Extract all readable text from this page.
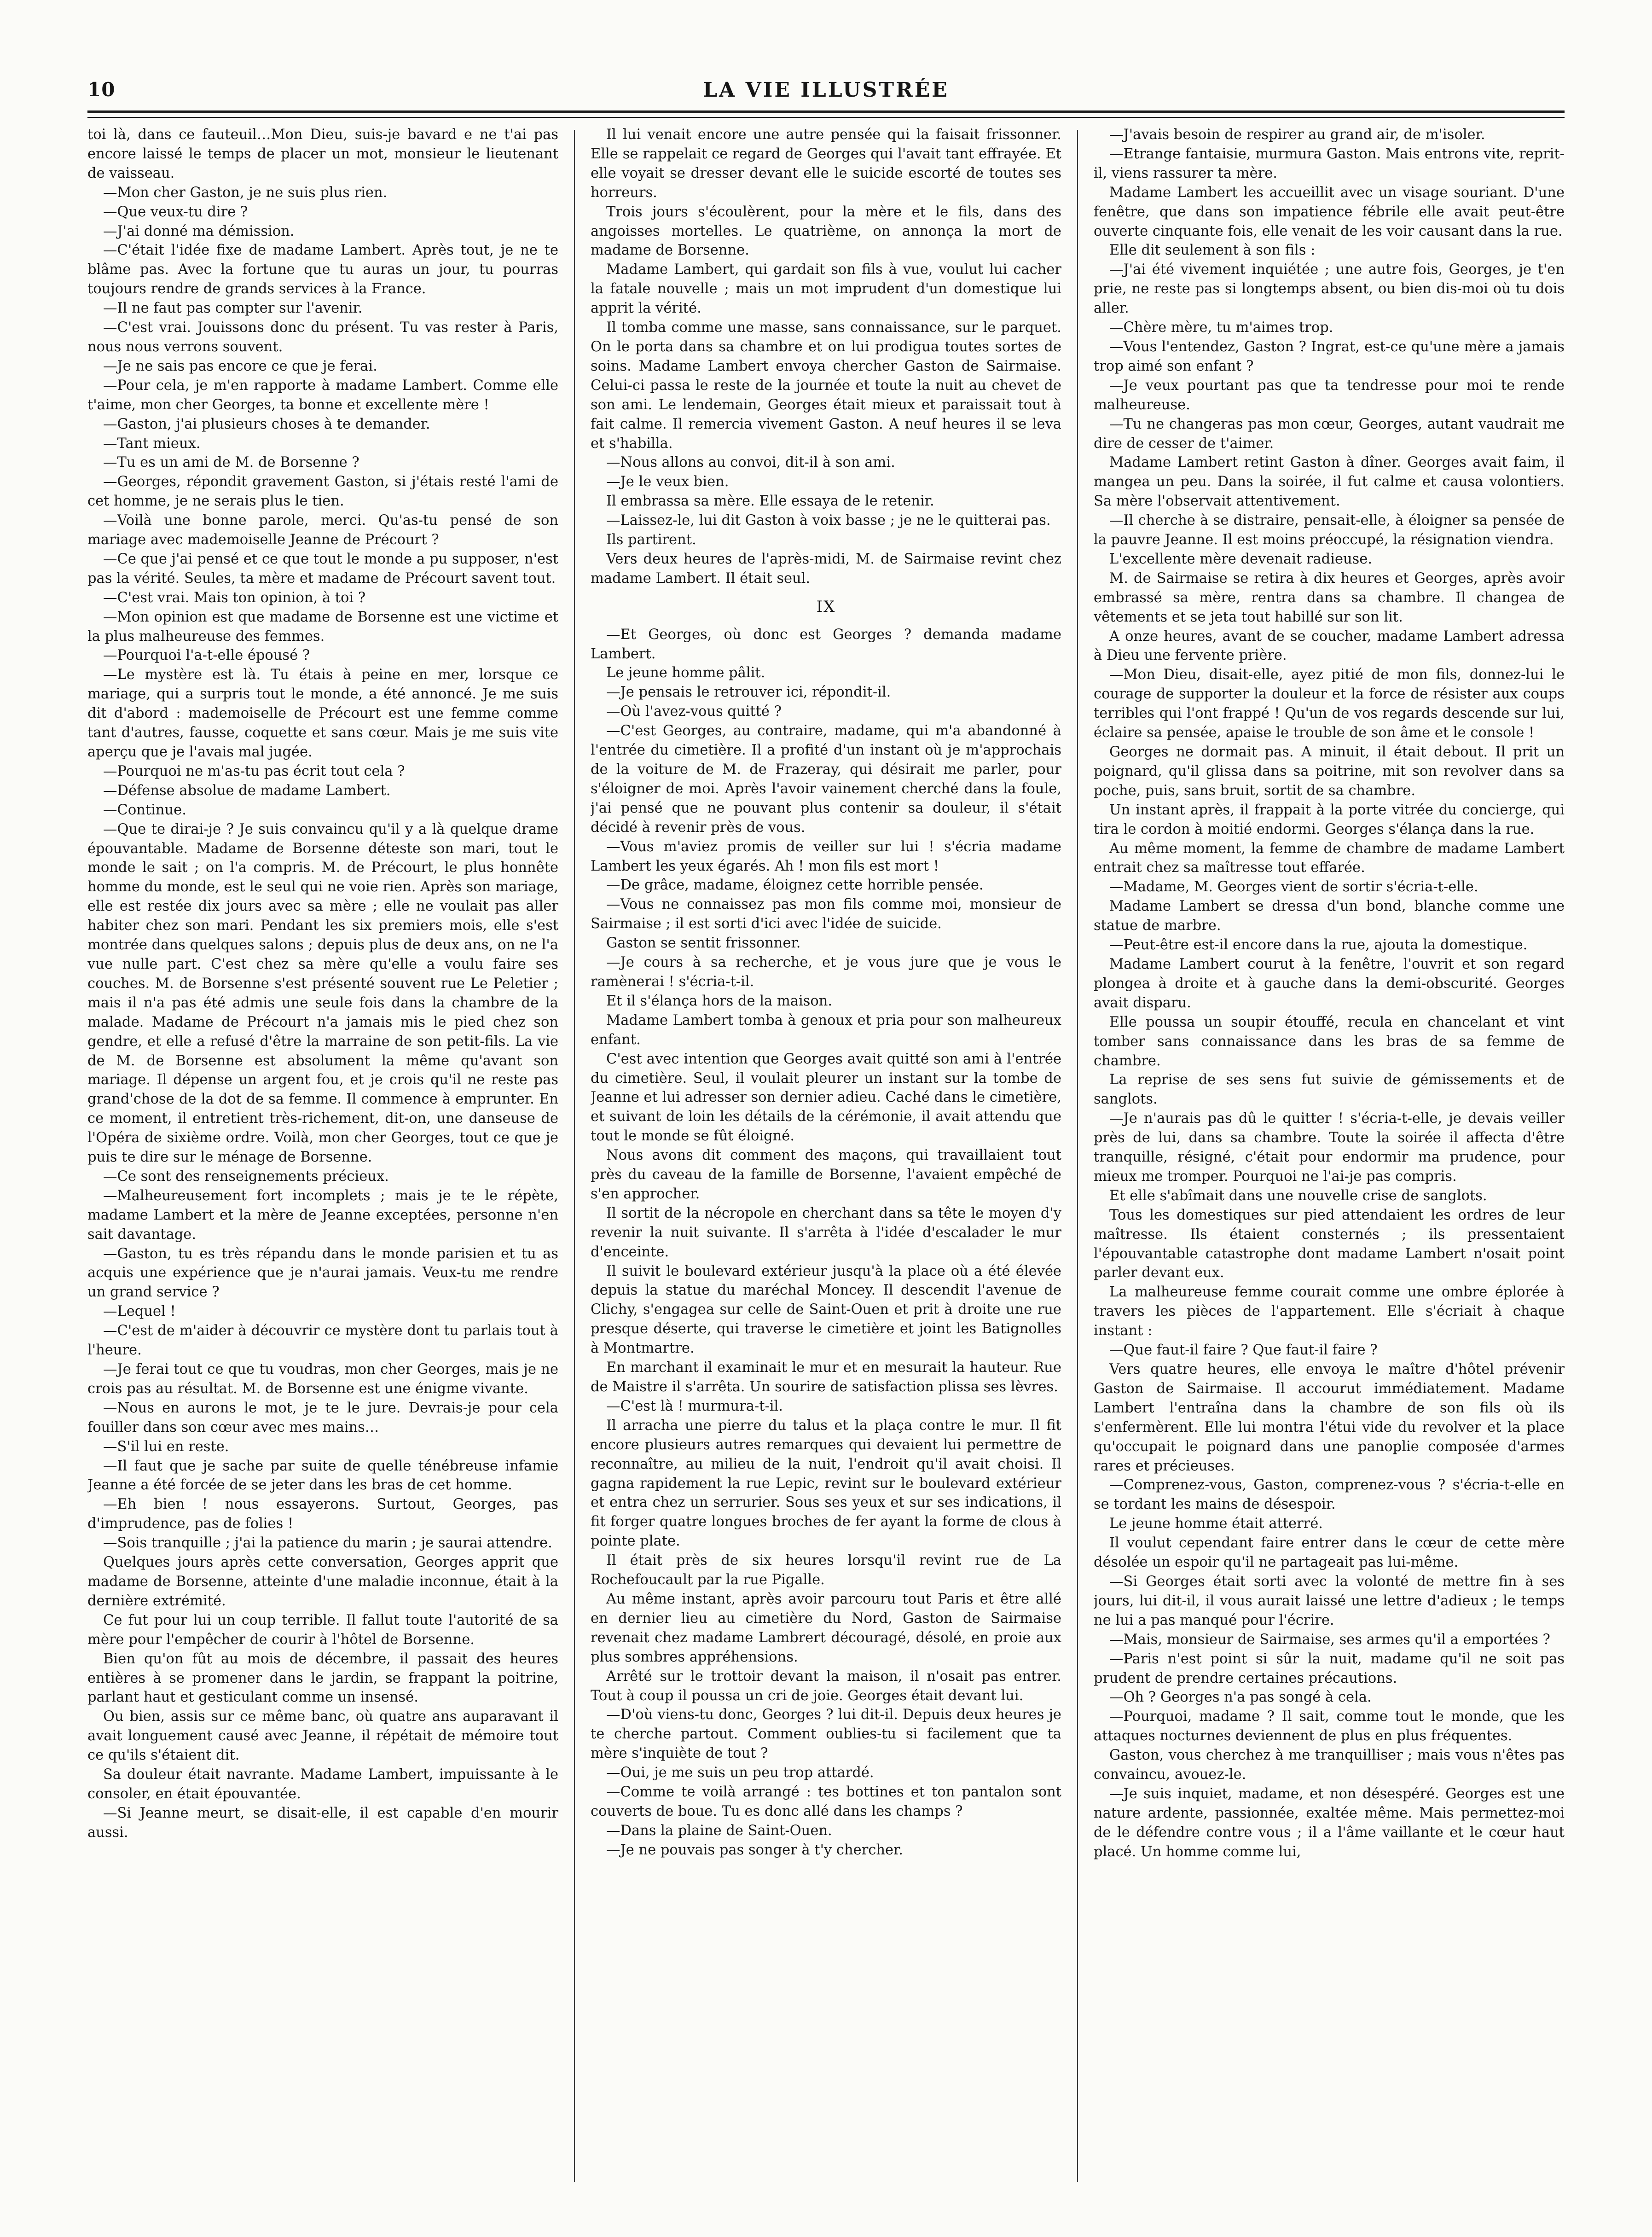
10	LA VIE ILLUSTRÉE

toi là, dans ce fauteuil…Mon Dieu, suis-je bavard e ne t'ai pas encore laissé le temps de placer un mot, monsieur le lieutenant de vaisseau.

—Mon cher Gaston, je ne suis plus rien.

—Que veux-tu dire ?

—J'ai donné ma démission.

—C'était l'idée fixe de madame Lambert. Après tout, je ne te blâme pas. Avec la fortune que tu auras un jour, tu pourras toujours rendre de grands services à la France.

—Il ne faut pas compter sur l'avenir.

—C'est vrai. Jouissons donc du présent. Tu vas rester à Paris, nous nous verrons souvent.

—Je ne sais pas encore ce que je ferai.

—Pour cela, je m'en rapporte à madame Lambert. Comme elle t'aime, mon cher Georges, ta bonne et excellente mère !

—Gaston, j'ai plusieurs choses à te demander.

—Tant mieux.

—Tu es un ami de M. de Borsenne ?

—Georges, répondit gravement Gaston, si j'étais resté l'ami de cet homme, je ne serais plus le tien.

—Voilà une bonne parole, merci. Qu'as-tu pensé de son mariage avec mademoiselle Jeanne de Précourt ?

—Ce que j'ai pensé et ce que tout le monde a pu supposer, n'est pas la vérité. Seules, ta mère et madame de Précourt savent tout.

—C'est vrai. Mais ton opinion, à toi ?

—Mon opinion est que madame de Borsenne est une victime et la plus malheureuse des femmes.

—Pourquoi l'a-t-elle épousé ?

—Le mystère est là. Tu étais à peine en mer, lorsque ce mariage, qui a surpris tout le monde, a été annoncé. Je me suis dit d'abord : mademoiselle de Précourt est une femme comme tant d'autres, fausse, coquette et sans cœur. Mais je me suis vite aperçu que je l'avais mal jugée.

—Pourquoi ne m'as-tu pas écrit tout cela ?

—Défense absolue de madame Lambert.

—Continue.

—Que te dirai-je ? Je suis convaincu qu'il y a là quelque drame épouvantable. Madame de Borsenne déteste son mari, tout le monde le sait ; on l'a compris. M. de Précourt, le plus honnête homme du monde, est le seul qui ne voie rien. Après son mariage, elle est restée dix jours avec sa mère ; elle ne voulait pas aller habiter chez son mari. Pendant les six premiers mois, elle s'est montrée dans quelques salons ; depuis plus de deux ans, on ne l'a vue nulle part. C'est chez sa mère qu'elle a voulu faire ses couches. M. de Borsenne s'est présenté souvent rue Le Peletier ; mais il n'a pas été admis une seule fois dans la chambre de la malade. Madame de Précourt n'a jamais mis le pied chez son gendre, et elle a refusé d'être la marraine de son petit-fils. La vie de M. de Borsenne est absolument la même qu'avant son mariage. Il dépense un argent fou, et je crois qu'il ne reste pas grand'chose de la dot de sa femme. Il commence à emprunter. En ce moment, il entretient très-richement, dit-on, une danseuse de l'Opéra de sixième ordre. Voilà, mon cher Georges, tout ce que je puis te dire sur le ménage de Borsenne.

—Ce sont des renseignements précieux.

—Malheureusement fort incomplets ; mais je te le répète, madame Lambert et la mère de Jeanne exceptées, personne n'en sait davantage.

—Gaston, tu es très répandu dans le monde parisien et tu as acquis une expérience que je n'aurai jamais. Veux-tu me rendre un grand service ?

—Lequel !

—C'est de m'aider à découvrir ce mystère dont tu parlais tout à l'heure.

—Je ferai tout ce que tu voudras, mon cher Georges, mais je ne crois pas au résultat. M. de Borsenne est une énigme vivante.

—Nous en aurons le mot, je te le jure. Devrais-je pour cela fouiller dans son cœur avec mes mains…

—S'il lui en reste.

—Il faut que je sache par suite de quelle ténébreuse infamie Jeanne a été forcée de se jeter dans les bras de cet homme.

—Eh bien ! nous essayerons. Surtout, Georges, pas d'imprudence, pas de folies !

—Sois tranquille ; j'ai la patience du marin ; je saurai attendre.

Quelques jours après cette conversation, Georges apprit que madame de Borsenne, atteinte d'une maladie inconnue, était à la dernière extrémité.

Ce fut pour lui un coup terrible. Il fallut toute l'autorité de sa mère pour l'empêcher de courir à l'hôtel de Borsenne.

Bien qu'on fût au mois de décembre, il passait des heures entières à se promener dans le jardin, se frappant la poitrine, parlant haut et gesticulant comme un insensé.

Ou bien, assis sur ce même banc, où quatre ans auparavant il avait longuement causé avec Jeanne, il répétait de mémoire tout ce qu'ils s'étaient dit.

Sa douleur était navrante. Madame Lambert, impuissante à le consoler, en était épouvantée.

—Si Jeanne meurt, se disait-elle, il est capable d'en mourir aussi.

Il lui venait encore une autre pensée qui la faisait frissonner. Elle se rappelait ce regard de Georges qui l'avait tant effrayée. Et elle voyait se dresser devant elle le suicide escorté de toutes ses horreurs.

Trois jours s'écoulèrent, pour la mère et le fils, dans des angoisses mortelles. Le quatrième, on annonça la mort de madame de Borsenne.

Madame Lambert, qui gardait son fils à vue, voulut lui cacher la fatale nouvelle ; mais un mot imprudent d'un domestique lui apprit la vérité.

Il tomba comme une masse, sans connaissance, sur le parquet. On le porta dans sa chambre et on lui prodigua toutes sortes de soins. Madame Lambert envoya chercher Gaston de Sairmaise. Celui-ci passa le reste de la journée et toute la nuit au chevet de son ami. Le lendemain, Georges était mieux et paraissait tout à fait calme. Il remercia vivement Gaston. A neuf heures il se leva et s'habilla.

—Nous allons au convoi, dit-il à son ami.

—Je le veux bien.

Il embrassa sa mère. Elle essaya de le retenir.

—Laissez-le, lui dit Gaston à voix basse ; je ne le quitterai pas.

Ils partirent.

Vers deux heures de l'après-midi, M. de Sairmaise revint chez madame Lambert. Il était seul.

IX

—Et Georges, où donc est Georges ? demanda madame Lambert.

Le jeune homme pâlit.

—Je pensais le retrouver ici, répondit-il.

—Où l'avez-vous quitté ?

—C'est Georges, au contraire, madame, qui m'a abandonné à l'entrée du cimetière. Il a profité d'un instant où je m'approchais de la voiture de M. de Frazeray, qui désirait me parler, pour s'éloigner de moi. Après l'avoir vainement cherché dans la foule, j'ai pensé que ne pouvant plus contenir sa douleur, il s'était décidé à revenir près de vous.

—Vous m'aviez promis de veiller sur lui ! s'écria madame Lambert les yeux égarés. Ah ! mon fils est mort !

—De grâce, madame, éloignez cette horrible pensée.

—Vous ne connaissez pas mon fils comme moi, monsieur de Sairmaise ; il est sorti d'ici avec l'idée de suicide.

Gaston se sentit frissonner.

—Je cours à sa recherche, et je vous jure que je vous le ramènerai ! s'écria-t-il.

Et il s'élança hors de la maison.

Madame Lambert tomba à genoux et pria pour son malheureux enfant.

C'est avec intention que Georges avait quitté son ami à l'entrée du cimetière. Seul, il voulait pleurer un instant sur la tombe de Jeanne et lui adresser son dernier adieu. Caché dans le cimetière, et suivant de loin les détails de la cérémonie, il avait attendu que tout le monde se fût éloigné.

Nous avons dit comment des maçons, qui travaillaient tout près du caveau de la famille de Borsenne, l'avaient empêché de s'en approcher.

Il sortit de la nécropole en cherchant dans sa tête le moyen d'y revenir la nuit suivante. Il s'arrêta à l'idée d'escalader le mur d'enceinte.

Il suivit le boulevard extérieur jusqu'à la place où a été élevée depuis la statue du maréchal Moncey. Il descendit l'avenue de Clichy, s'engagea sur celle de Saint-Ouen et prit à droite une rue presque déserte, qui traverse le cimetière et joint les Batignolles à Montmartre.

En marchant il examinait le mur et en mesurait la hauteur. Rue de Maistre il s'arrêta. Un sourire de satisfaction plissa ses lèvres.

—C'est là ! murmura-t-il.

Il arracha une pierre du talus et la plaça contre le mur. Il fit encore plusieurs autres remarques qui devaient lui permettre de reconnaître, au milieu de la nuit, l'endroit qu'il avait choisi. Il gagna rapidement la rue Lepic, revint sur le boulevard extérieur et entra chez un serrurier. Sous ses yeux et sur ses indications, il fit forger quatre longues broches de fer ayant la forme de clous à pointe plate.

Il était près de six heures lorsqu'il revint rue de La Rochefoucault par la rue Pigalle.

Au même instant, après avoir parcouru tout Paris et être allé en dernier lieu au cimetière du Nord, Gaston de Sairmaise revenait chez madame Lambrert découragé, désolé, en proie aux plus sombres appréhensions.

Arrêté sur le trottoir devant la maison, il n'osait pas entrer. Tout à coup il poussa un cri de joie. Georges était devant lui.

—D'où viens-tu donc, Georges ? lui dit-il. Depuis deux heures je te cherche partout. Comment oublies-tu si facilement que ta mère s'inquiète de tout ?

—Oui, je me suis un peu trop attardé.

—Comme te voilà arrangé : tes bottines et ton pantalon sont couverts de boue. Tu es donc allé dans les champs ?

—Dans la plaine de Saint-Ouen.

—Je ne pouvais pas songer à t'y chercher.

—J'avais besoin de respirer au grand air, de m'isoler.

—Etrange fantaisie, murmura Gaston. Mais entrons vite, reprit-il, viens rassurer ta mère.

Madame Lambert les accueillit avec un visage souriant. D'une fenêtre, que dans son impatience fébrile elle avait peut-être ouverte cinquante fois, elle venait de les voir causant dans la rue.

Elle dit seulement à son fils :

—J'ai été vivement inquiétée ; une autre fois, Georges, je t'en prie, ne reste pas si longtemps absent, ou bien dis-moi où tu dois aller.

—Chère mère, tu m'aimes trop.

—Vous l'entendez, Gaston ? Ingrat, est-ce qu'une mère a jamais trop aimé son enfant ?

—Je veux pourtant pas que ta tendresse pour moi te rende malheureuse.

—Tu ne changeras pas mon cœur, Georges, autant vaudrait me dire de cesser de t'aimer.

Madame Lambert retint Gaston à dîner. Georges avait faim, il mangea un peu. Dans la soirée, il fut calme et causa volontiers. Sa mère l'observait attentivement.

—Il cherche à se distraire, pensait-elle, à éloigner sa pensée de la pauvre Jeanne. Il est moins préoccupé, la résignation viendra.

L'excellente mère devenait radieuse.

M. de Sairmaise se retira à dix heures et Georges, après avoir embrassé sa mère, rentra dans sa chambre. Il changea de vêtements et se jeta tout habillé sur son lit.

A onze heures, avant de se coucher, madame Lambert adressa à Dieu une fervente prière.

—Mon Dieu, disait-elle, ayez pitié de mon fils, donnez-lui le courage de supporter la douleur et la force de résister aux coups terribles qui l'ont frappé ! Qu'un de vos regards descende sur lui, éclaire sa pensée, apaise le trouble de son âme et le console !

Georges ne dormait pas. A minuit, il était debout. Il prit un poignard, qu'il glissa dans sa poitrine, mit son revolver dans sa poche, puis, sans bruit, sortit de sa chambre.

Un instant après, il frappait à la porte vitrée du concierge, qui tira le cordon à moitié endormi. Georges s'élança dans la rue.

Au même moment, la femme de chambre de madame Lambert entrait chez sa maîtresse tout effarée.

—Madame, M. Georges vient de sortir s'écria-t-elle.

Madame Lambert se dressa d'un bond, blanche comme une statue de marbre.

—Peut-être est-il encore dans la rue, ajouta la domestique.

Madame Lambert courut à la fenêtre, l'ouvrit et son regard plongea à droite et à gauche dans la demi-obscurité. Georges avait disparu.

Elle poussa un soupir étouffé, recula en chancelant et vint tomber sans connaissance dans les bras de sa femme de chambre.

La reprise de ses sens fut suivie de gémissements et de sanglots.

—Je n'aurais pas dû le quitter ! s'écria-t-elle, je devais veiller près de lui, dans sa chambre. Toute la soirée il affecta d'être tranquille, résigné, c'était pour endormir ma prudence, pour mieux me tromper. Pourquoi ne l'ai-je pas compris.

Et elle s'abîmait dans une nouvelle crise de sanglots.

Tous les domestiques sur pied attendaient les ordres de leur maîtresse. Ils étaient consternés ; ils pressentaient l'épouvantable catastrophe dont madame Lambert n'osait point parler devant eux.

La malheureuse femme courait comme une ombre éplorée à travers les pièces de l'appartement. Elle s'écriait à chaque instant :

—Que faut-il faire ? Que faut-il faire ?

Vers quatre heures, elle envoya le maître d'hôtel prévenir Gaston de Sairmaise. Il accourut immédiatement. Madame Lambert l'entraîna dans la chambre de son fils où ils s'enfermèrent. Elle lui montra l'étui vide du revolver et la place qu'occupait le poignard dans une panoplie composée d'armes rares et précieuses.

—Comprenez-vous, Gaston, comprenez-vous ? s'écria-t-elle en se tordant les mains de désespoir.

Le jeune homme était atterré.

Il voulut cependant faire entrer dans le cœur de cette mère désolée un espoir qu'il ne partageait pas lui-même.

—Si Georges était sorti avec la volonté de mettre fin à ses jours, lui dit-il, il vous aurait laissé une lettre d'adieux ; le temps ne lui a pas manqué pour l'écrire.

—Mais, monsieur de Sairmaise, ses armes qu'il a emportées ?

—Paris n'est point si sûr la nuit, madame qu'il ne soit pas prudent de prendre certaines précautions.

—Oh ? Georges n'a pas songé à cela.

—Pourquoi, madame ? Il sait, comme tout le monde, que les attaques nocturnes deviennent de plus en plus fréquentes.

Gaston, vous cherchez à me tranquilliser ; mais vous n'êtes pas convaincu, avouez-le.

—Je suis inquiet, madame, et non désespéré. Georges est une nature ardente, passionnée, exaltée même. Mais permettez-moi de le défendre contre vous ; il a l'âme vaillante et le cœur haut placé. Un homme comme lui,
